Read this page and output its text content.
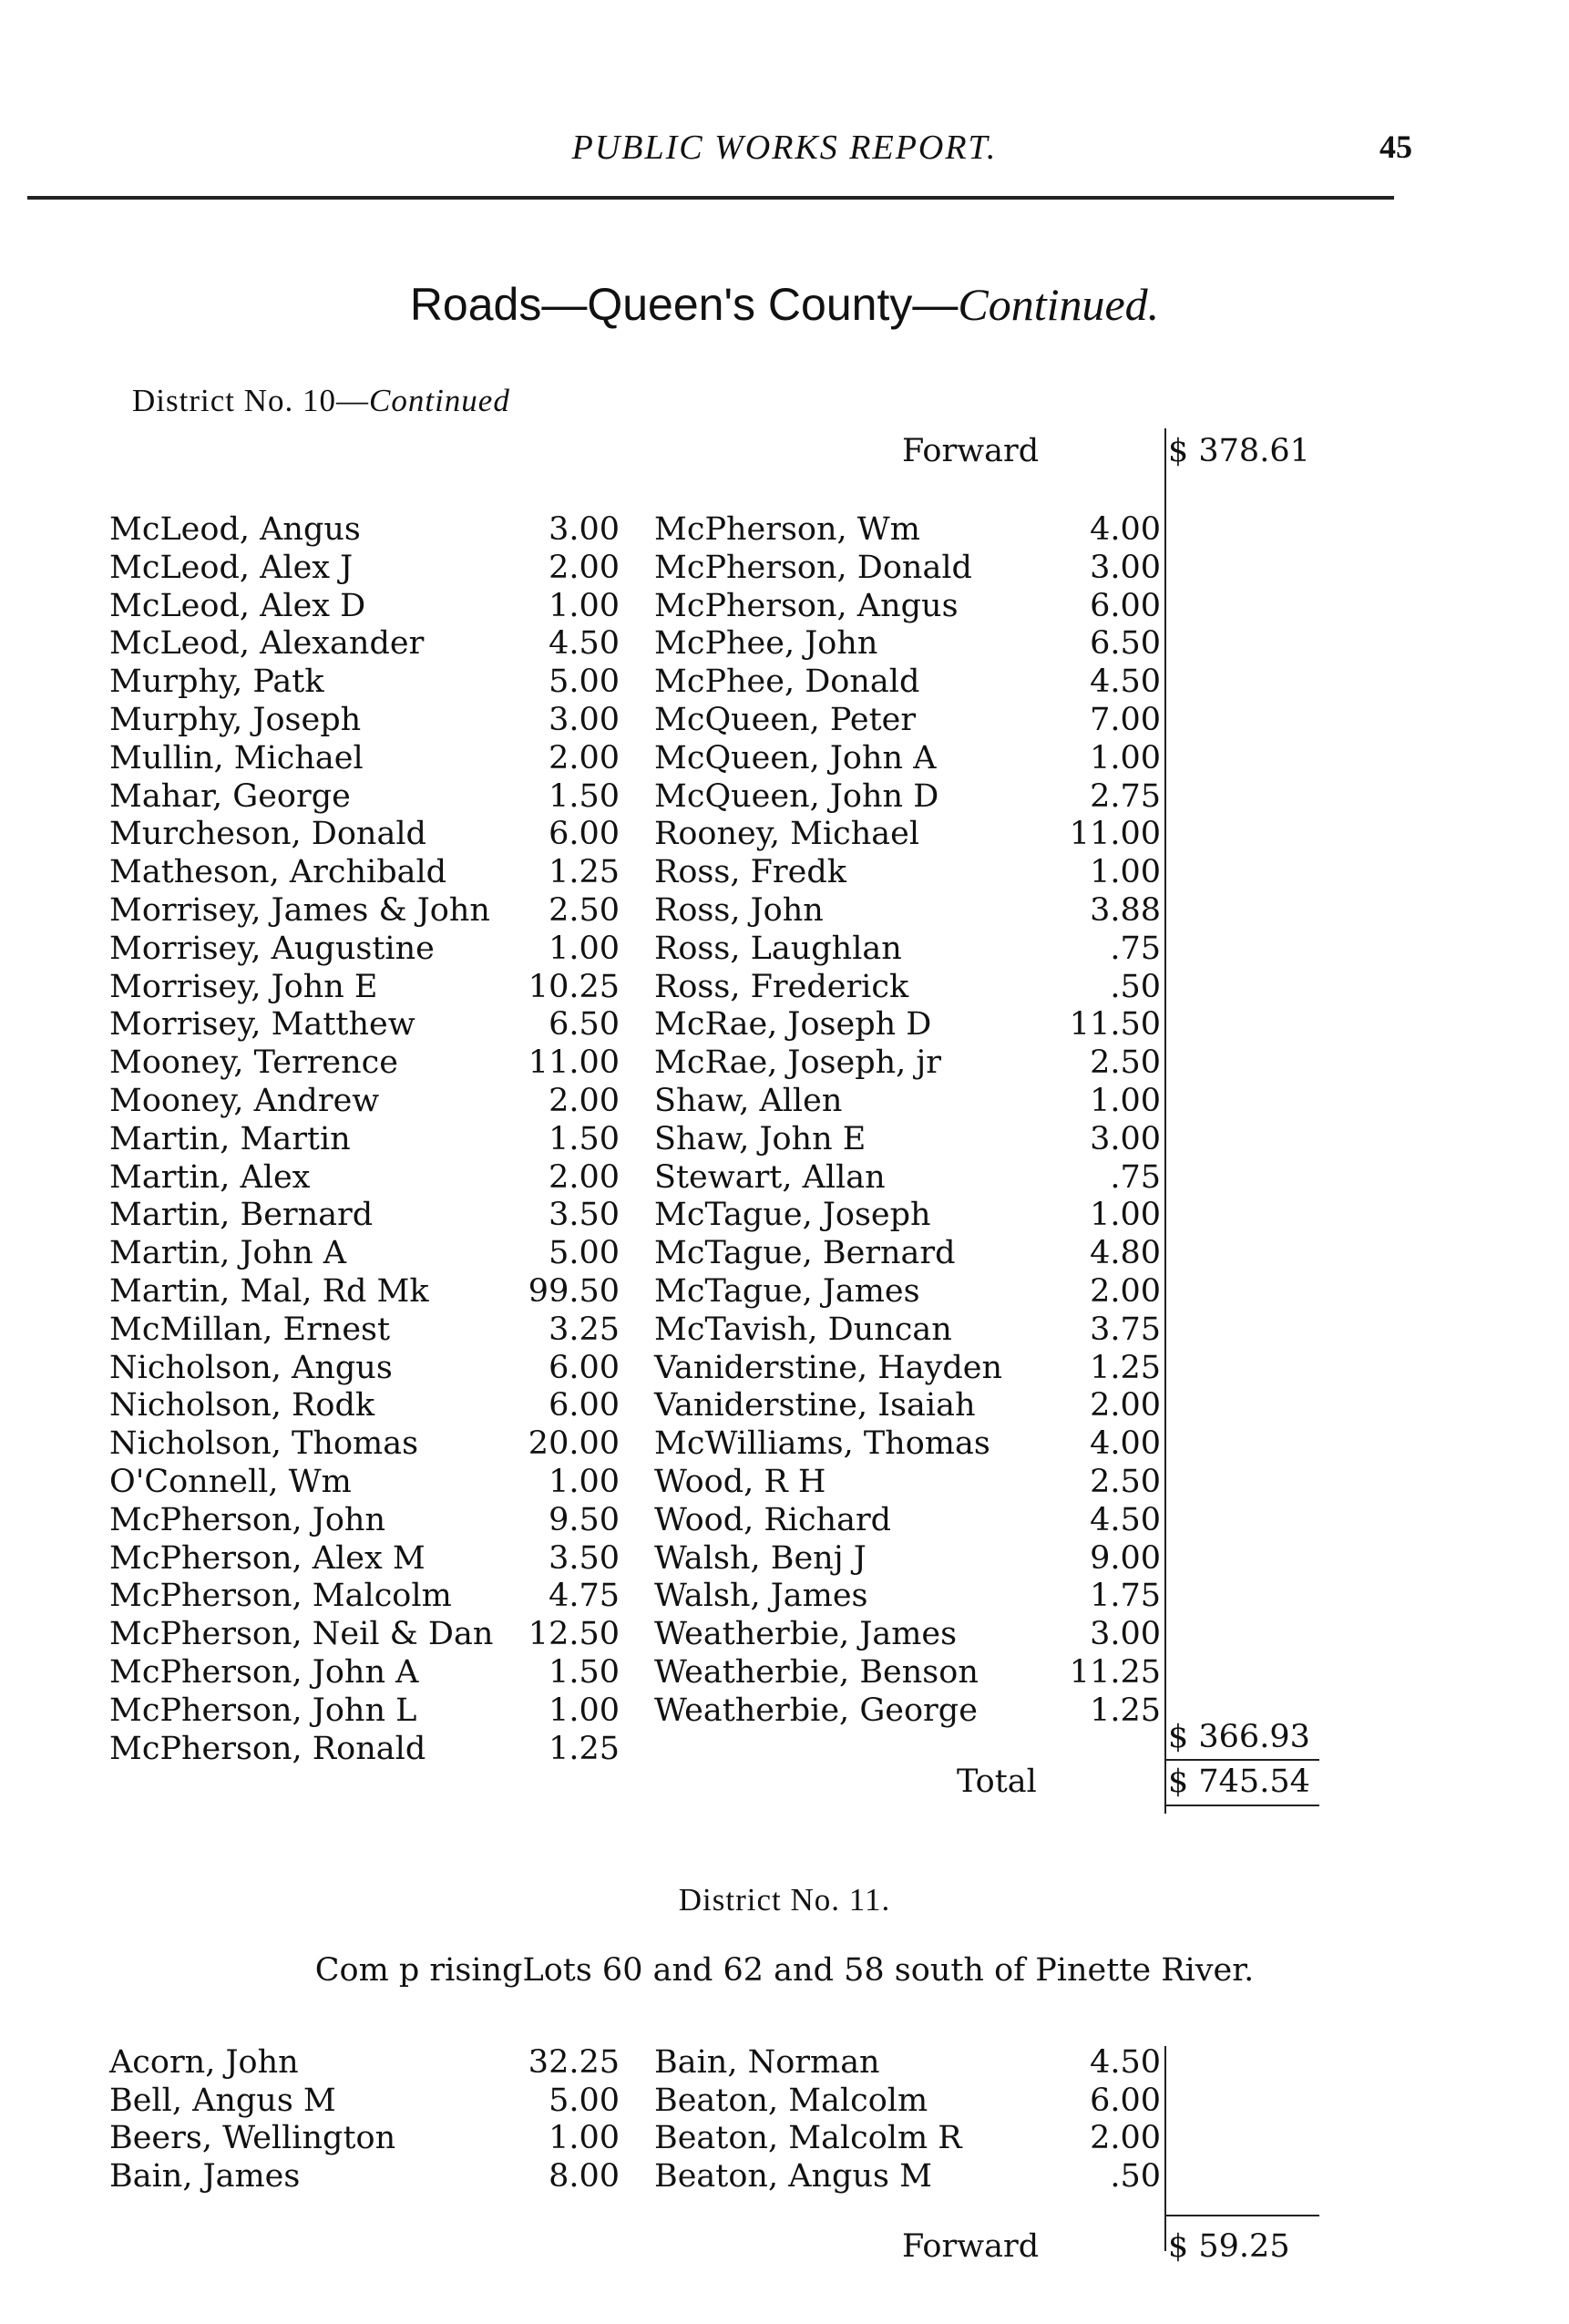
PUBLIC WORKS REPORT.	45
Roads—Queen's County—Continued.
District No. 10—Continued
Forward	$ 378.61
McLeod, Angus	3.00
McLeod, Alex J	2.00
McLeod, Alex D	1.00
McLeod, Alexander	4.50
Murphy, Patk	5.00
Murphy, Joseph	3.00
Mullin, Michael	2.00
Mahar, George	1.50
Murcheson, Donald	6.00
Matheson, Archibald	1.25
Morrisey, James & John 2.50
Morrisey, Augustine	1.00
Morrisey, John E	10.25
Morrisey, Matthew	6.50
Mooney, Terrence	11.00
Mooney, Andrew	2.00
Martin, Martin	1.50
Martin, Alex	2.00
Martin, Bernard	3.50
Martin, John A	5.00
Martin, Mal, Rd Mk	99.50
McMillan, Ernest	3.25
Nicholson, Angus	6.00
Nicholson, Rodk	6.00
Nicholson, Thomas	20.00
O'Connell, Wm	1.00
McPherson, John	9.50
McPherson, Alex M	3.50
McPherson, Malcolm	4.75
McPherson, Neil & Dan 12.50
McPherson, John A	1.50
McPherson, John L	1.00
McPherson, Ronald	1.25
McPherson, Wm	4.00
McPherson, Donald	3.00
McPherson, Angus	6.00
McPhee, John	6.50
McPhee, Donald	4.50
McQueen, Peter	7.00
McQueen, John A	1.00
McQueen, John D	2.75
Rooney, Michael	11.00
Ross, Fredk	1.00
Ross, John	3.88
Ross, Laughlan	.75
Ross, Frederick	.50
McRae, Joseph D	11.50
McRae, Joseph, jr	2.50
Shaw, Allen	1.00
Shaw, John E	3.00
Stewart, Allan	.75
McTague, Joseph	1.00
McTague, Bernard	4.80
McTague, James	2.00
McTavish, Duncan	3.75
Vaniderstine, Hayden	1.25
Vaniderstine, Isaiah	2.00
McWilliams, Thomas	4.00
Wood, R H	2.50
Wood, Richard	4.50
Walsh, Benj J	9.00
Walsh, James	1.75
Weatherbie, James	3.00
Weatherbie, Benson	11.25
Weatherbie, George	1.25
$ 366.93
Total	$ 745.54
District No. 11.
Com p risingLots 60 and 62 and 58 south of Pinette River.
Acorn, John	32.25
Bell, Angus M	5.00
Beers, Wellington	1.00
Bain, James	8.00
Bain, Norman	4.50
Beaton, Malcolm	6.00
Beaton, Malcolm R	2.00
Beaton, Angus M	.50
Forward	$ 59.25
